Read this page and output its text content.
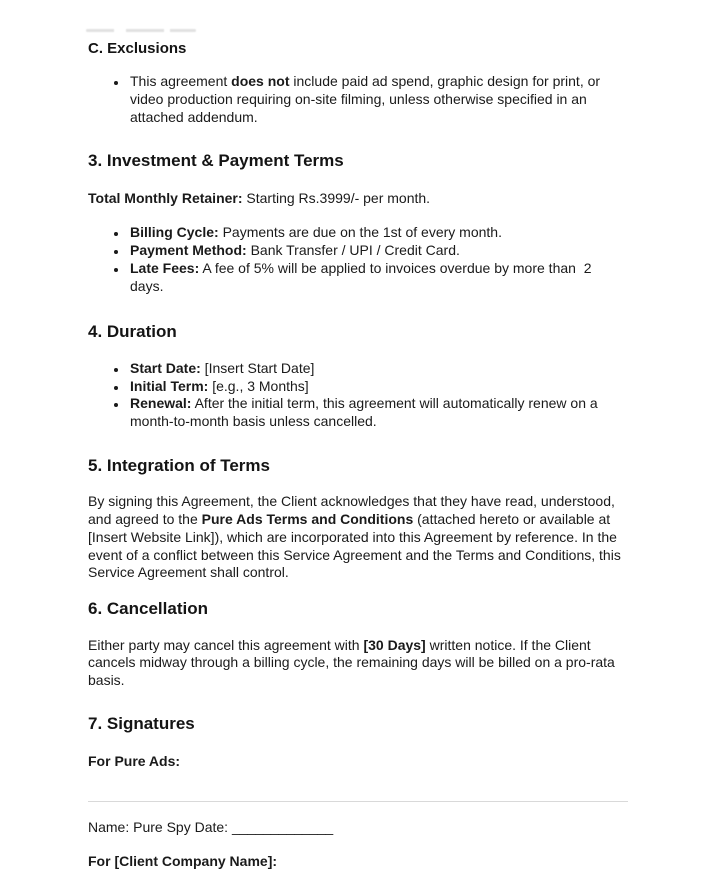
C. Exclusions
• This agreement does not include paid ad spend, graphic design for print, or video production requiring on-site filming, unless otherwise specified in an attached addendum.
3. Investment & Payment Terms

Total Monthly Retainer: Starting Rs.3999/- per month.

• Billing Cycle: Payments are due on the 1st of every month.
• Payment Method: Bank Transfer / UPI / Credit Card.
• Late Fees: A fee of 5% will be applied to invoices overdue by more than  2 days.
4. Duration
• Start Date: [Insert Start Date]
• Initial Term: [e.g., 3 Months]
• Renewal: After the initial term, this agreement will automatically renew on a month-to-month basis unless cancelled.
5. Integration of Terms

By signing this Agreement, the Client acknowledges that they have read, understood, and agreed to the Pure Ads Terms and Conditions (attached hereto or available at [Insert Website Link]), which are incorporated into this Agreement by reference. In the event of a conflict between this Service Agreement and the Terms and Conditions, this Service Agreement shall control.

6. Cancellation

Either party may cancel this agreement with [30 Days] written notice. If the Client cancels midway through a billing cycle, the remaining days will be billed on a pro-rata basis.

7. Signatures

For Pure Ads:

Name: Pure Spy Date: _____________

For [Client Company Name]:
